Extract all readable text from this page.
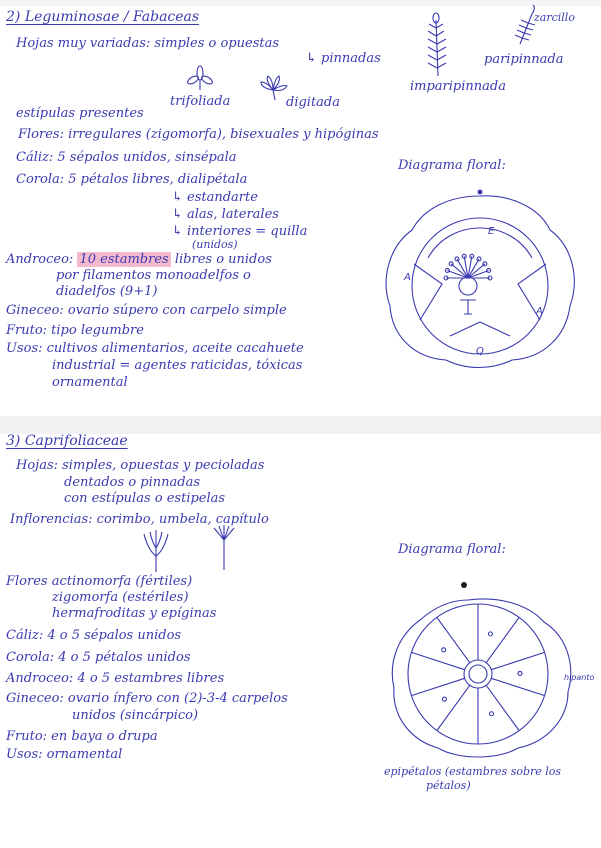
2) Leguminosae / Fabaceas
Hojas muy variadas: simples o opuestas
↳ pinnadas
zarcillo
paripinnada
imparipinnada
trifoliada	digitada
estípulas presentes
Flores: irregulares (zigomorfa), bisexuales y hipóginas
Cáliz: 5 sépalos unidos, sinsépala
Corola: 5 pétalos libres, dialipétala
↳ estandarte
↳ alas, laterales
↳ interiores = quilla
(unidos)
Androceo: 10 estambres libres o unidos
por filamentos monoadelfos o
diadelfos (9+1)
Gineceo: ovario súpero con carpelo simple
Fruto: tipo legumbre
Usos: cultivos alimentarios, aceite cacahuete
industrial = agentes raticidas, tóxicas
ornamental
Diagrama floral:
E
A
A
Q
3) Caprifoliaceae
Hojas: simples, opuestas y pecioladas
dentados o pinnadas
con estípulas o estipelas
Inflorencias: corimbo, umbela, capítulo
Flores actinomorfa (fértiles)
zigomorfa (estériles)
hermafroditas y epíginas
Cáliz: 4 o 5 sépalos unidos
Corola: 4 o 5 pétalos unidos
Androceo: 4 o 5 estambres libres
Gineceo: ovario ínfero con (2)-3-4 carpelos
unidos (sincárpico)
Fruto: en baya o drupa
Usos: ornamental
Diagrama floral:
hipanto
epipétalos (estambres sobre los
pétalos)
